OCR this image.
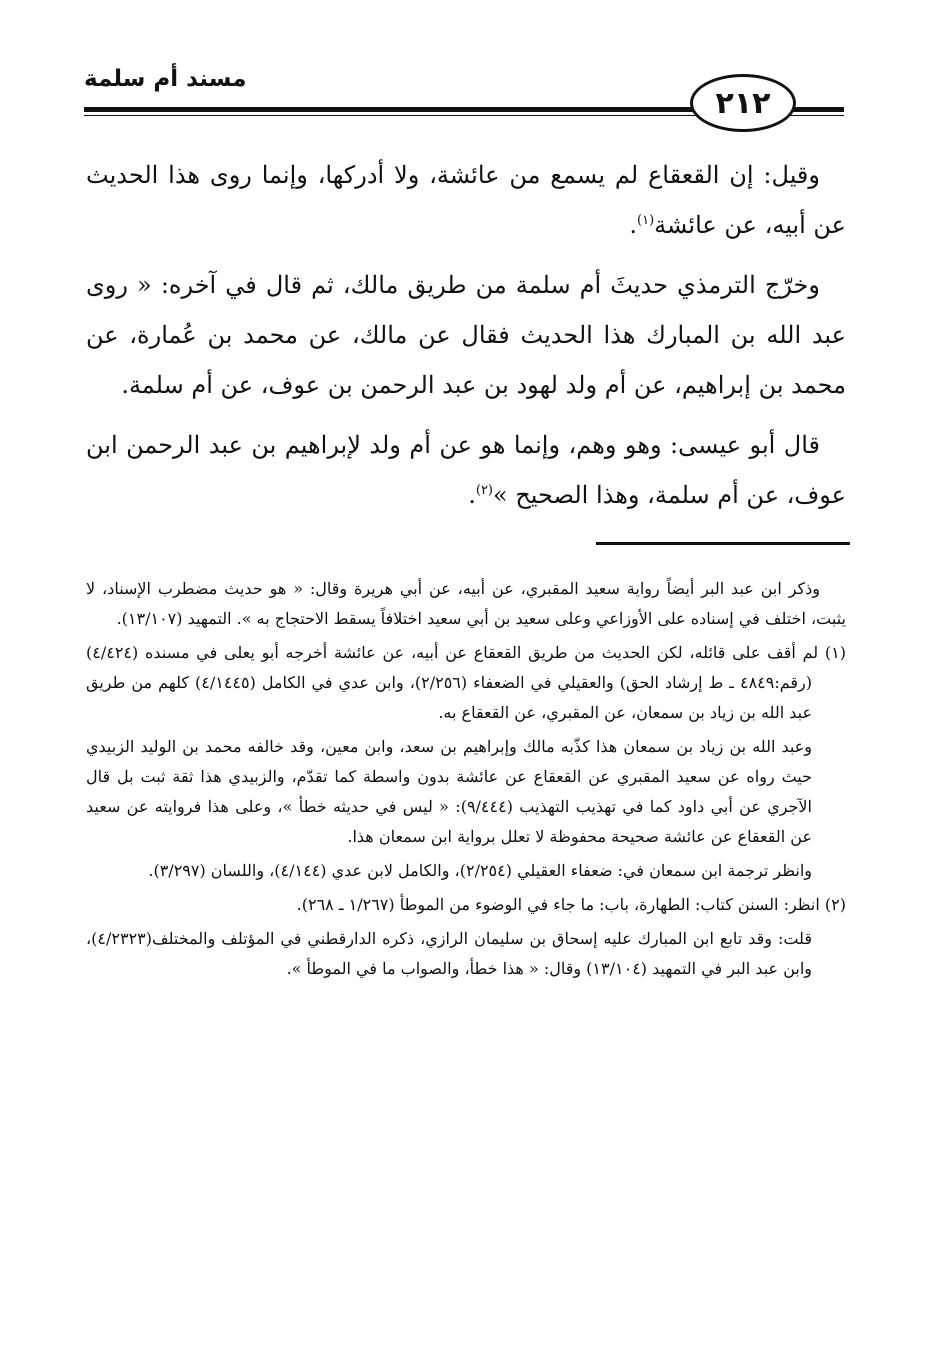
مسند أم سلمة
٢١٢

وقيل: إن القعقاع لم يسمع من عائشة، ولا أدركها، وإنما روى هذا الحديث عن أبيه، عن عائشة$^{(١)}$.

وخرّج الترمذي حديثَ أم سلمة من طريق مالك، ثم قال في آخره: « روى عبد الله بن المبارك هذا الحديث فقال عن مالك، عن محمد بن عُمارة، عن محمد بن إبراهيم، عن أم ولد لهود بن عبد الرحمن بن عوف، عن أم سلمة.

قال أبو عيسى: وهو وهم، وإنما هو عن أم ولد لإبراهيم بن عبد الرحمن ابن عوف، عن أم سلمة، وهذا الصحيح »$^{(٢)}$.

وذكر ابن عبد البر أيضاً رواية سعيد المقبري، عن أبيه، عن أبي هريرة وقال: « هو حديث مضطرب الإسناد، لا يثبت، اختلف في إسناده على الأوزاعي وعلى سعيد بن أبي سعيد اختلافاً يسقط الاحتجاج به ». التمهيد (١٣/١٠٧).

(١) لم أقف على قائله، لكن الحديث من طريق القعقاع عن أبيه، عن عائشة أخرجه أبو يعلى في مسنده (٤/٤٢٤) (رقم:٤٨٤٩ ـ ط إرشاد الحق) والعقيلي في الضعفاء (٢/٢٥٦)، وابن عدي في الكامل (٤/١٤٤٥) كلهم من طريق عبد الله بن زياد بن سمعان، عن المقبري، عن القعقاع به.

وعبد الله بن زياد بن سمعان هذا كذّبه مالك وإبراهيم بن سعد، وابن معين، وقد خالفه محمد بن الوليد الزبيدي حيث رواه عن سعيد المقبري عن القعقاع عن عائشة بدون واسطة كما تقدّم، والزبيدي هذا ثقة ثبت بل قال الآجري عن أبي داود كما في تهذيب التهذيب (٩/٤٤٤): « ليس في حديثه خطأ »، وعلى هذا فروايته عن سعيد عن القعقاع عن عائشة صحيحة محفوظة لا تعلل برواية ابن سمعان هذا.

وانظر ترجمة ابن سمعان في: ضعفاء العقيلي (٢/٢٥٤)، والكامل لابن عدي (٤/١٤٤)، واللسان (٣/٢٩٧).

(٢) انظر: السنن كتاب: الطهارة، باب: ما جاء في الوضوء من الموطأ (١/٢٦٧ ـ ٢٦٨).

قلت: وقد تابع ابن المبارك عليه إسحاق بن سليمان الرازي، ذكره الدارقطني في المؤتلف والمختلف(٤/٢٣٢٣)، وابن عبد البر في التمهيد (١٣/١٠٤) وقال: « هذا خطأ، والصواب ما في الموطأ ».
